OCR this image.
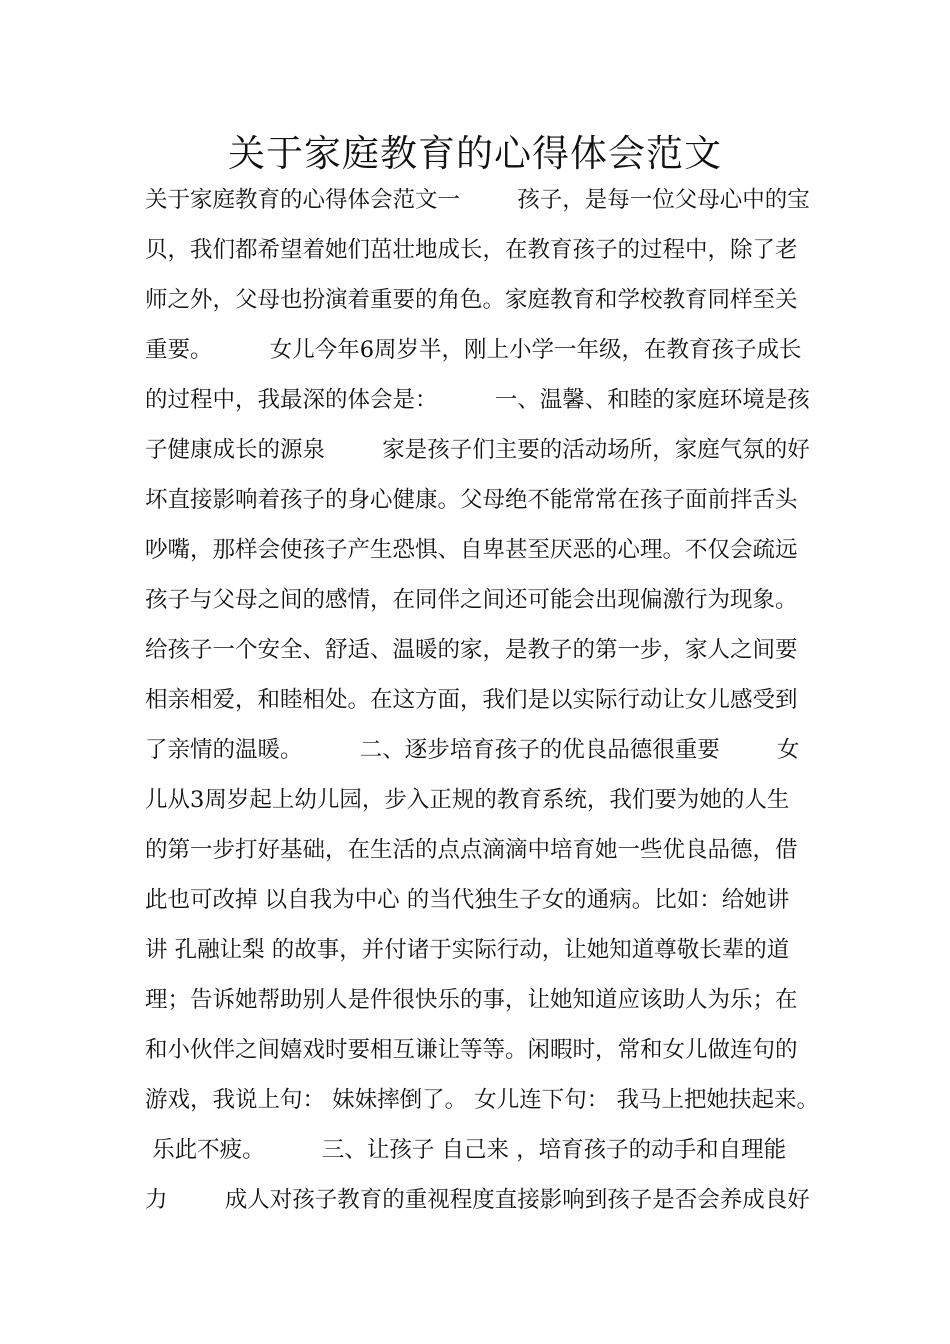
关于家庭教育的心得体会范文
关于家庭教育的心得体会范文一        孩子，是每一位父母心中的宝
贝，我们都希望着她们茁壮地成长，在教育孩子的过程中，除了老
师之外，父母也扮演着重要的角色。家庭教育和学校教育同样至关
重要。        女儿今年6周岁半，刚上小学一年级，在教育孩子成长
的过程中，我最深的体会是：        一、温馨、和睦的家庭环境是孩
子健康成长的源泉        家是孩子们主要的活动场所，家庭气氛的好
坏直接影响着孩子的身心健康。父母绝不能常常在孩子面前拌舌头
吵嘴，那样会使孩子产生恐惧、自卑甚至厌恶的心理。不仅会疏远
孩子与父母之间的感情，在同伴之间还可能会出现偏激行为现象。
给孩子一个安全、舒适、温暖的家，是教子的第一步，家人之间要
相亲相爱，和睦相处。在这方面，我们是以实际行动让女儿感受到
了亲情的温暖。        二、逐步培育孩子的优良品德很重要        女
儿从3周岁起上幼儿园，步入正规的教育系统，我们要为她的人生
的第一步打好基础，在生活的点点滴滴中培育她一些优良品德，借
此也可改掉 以自我为中心 的当代独生子女的通病。比如：给她讲
讲 孔融让梨 的故事，并付诸于实际行动，让她知道尊敬长辈的道
理；告诉她帮助别人是件很快乐的事，让她知道应该助人为乐；在
和小伙伴之间嬉戏时要相互谦让等等。闲暇时，常和女儿做连句的
游戏，我说上句： 妹妹摔倒了。 女儿连下句： 我马上把她扶起来。
乐此不疲。        三、让孩子 自己来 ，培育孩子的动手和自理能
力        成人对孩子教育的重视程度直接影响到孩子是否会养成良好
